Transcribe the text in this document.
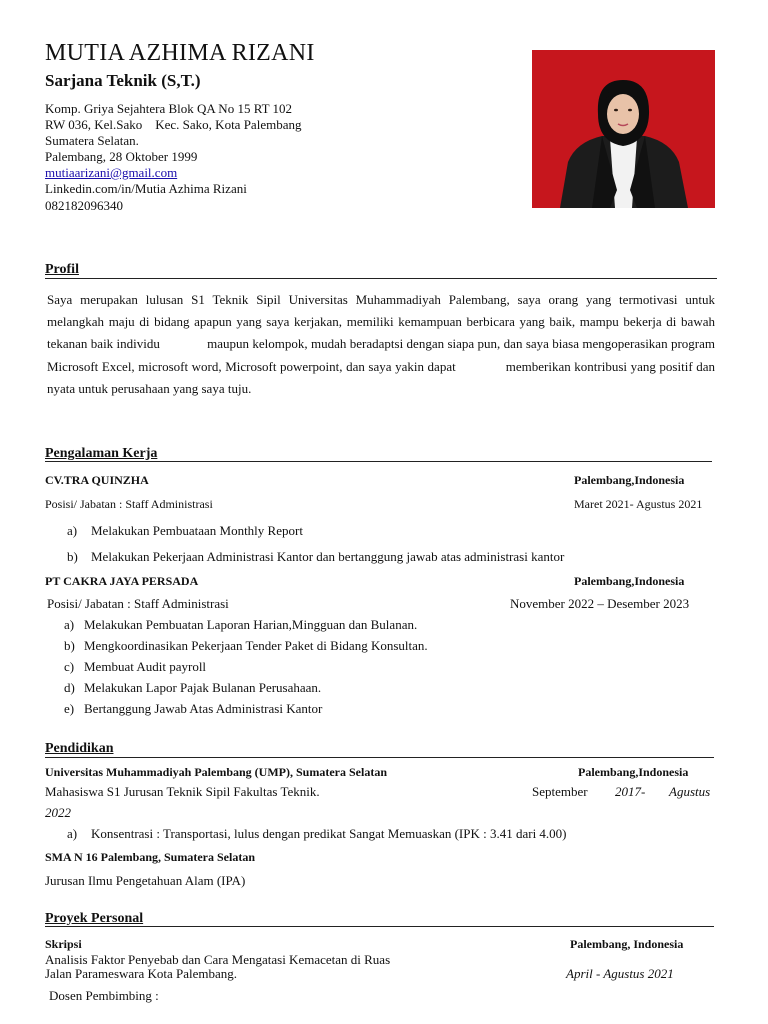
MUTIA AZHIMA RIZANI
Sarjana Teknik (S,T.)
Komp. Griya Sejahtera Blok QA No 15 RT 102
RW 036, Kel.Sako    Kec. Sako, Kota Palembang
Sumatera Selatan.
Palembang, 28 Oktober 1999
mutiaarizani@gmail.com
Linkedin.com/in/Mutia Azhima Rizani
082182096340
Profil
Saya merupakan lulusan S1 Teknik Sipil Universitas Muhammadiyah Palembang, saya orang yang termotivasi untuk melangkah maju di bidang apapun yang saya kerjakan, memiliki kemampuan berbicara yang baik, mampu bekerja di bawah tekanan baik individu              maupun kelompok, mudah beradaptsi dengan siapa pun, dan saya biasa mengoperasikan program Microsoft Excel, microsoft word, Microsoft powerpoint, dan saya yakin dapat              memberikan kontribusi yang positif dan nyata untuk perusahaan yang saya tuju.
Pengalaman Kerja
CV.TRA QUINZHA	Palembang,Indonesia
Posisi/ Jabatan : Staff Administrasi	Maret 2021- Agustus 2021
a) Melakukan Pembuataan Monthly Report
b) Melakukan Pekerjaan Administrasi Kantor dan bertanggung jawab atas administrasi kantor
PT CAKRA JAYA PERSADA	Palembang,Indonesia
Posisi/ Jabatan : Staff Administrasi	November 2022 – Desember 2023
a) Melakukan Pembuatan Laporan Harian,Mingguan dan Bulanan.
b) Mengkoordinasikan Pekerjaan Tender Paket di Bidang Konsultan.
c) Membuat Audit payroll
d) Melakukan Lapor Pajak Bulanan Perusahaan.
e) Bertanggung Jawab Atas Administrasi Kantor
Pendidikan
Universitas Muhammadiyah Palembang (UMP), Sumatera Selatan	Palembang,Indonesia
Mahasiswa S1 Jurusan Teknik Sipil Fakultas Teknik.	September 2017- Agustus
2022
a) Konsentrasi : Transportasi, lulus dengan predikat Sangat Memuaskan (IPK : 3.41 dari 4.00)
SMA N 16 Palembang, Sumatera Selatan
Jurusan Ilmu Pengetahuan Alam (IPA)
Proyek Personal
Skripsi	Palembang, Indonesia
Analisis Faktor Penyebab dan Cara Mengatasi Kemacetan di Ruas
Jalan Parameswara Kota Palembang.	April - Agustus 2021
Dosen Pembimbing :
